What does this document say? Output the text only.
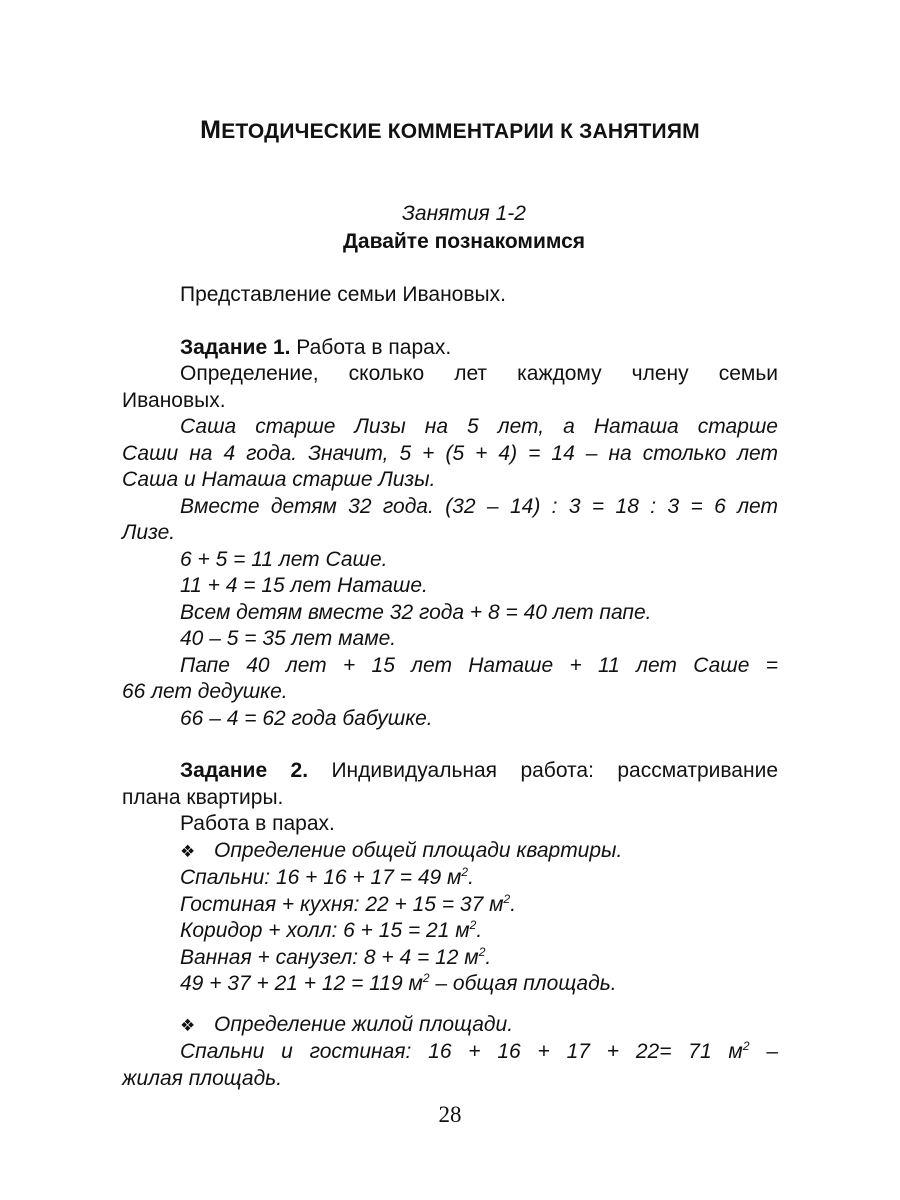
МЕТОДИЧЕСКИЕ КОММЕНТАРИИ К ЗАНЯТИЯМ
Занятия 1-2
Давайте познакомимся

Представление семьи Ивановых.

Задание 1. Работа в парах.

Определение, сколько лет каждому члену семьи

Ивановых.

Саша старше Лизы на 5 лет, а Наташа старше

Саши на 4 года. Значит, 5 + (5 + 4) = 14 – на столько лет

Саша и Наташа старше Лизы.

Вместе детям 32 года. (32 – 14) : 3 = 18 : 3 = 6 лет

Лизе.

6 + 5 = 11 лет Саше.

11 + 4 = 15 лет Наташе.

Всем детям вместе 32 года + 8 = 40 лет папе.

40 – 5 = 35 лет маме.

Папе 40 лет + 15 лет Наташе + 11 лет Саше =

66 лет дедушке.

66 – 4 = 62 года бабушке.

Задание 2. Индивидуальная работа: рассматривание

плана квартиры.

Работа в парах.

❖ Определение общей площади квартиры.

Спальни: 16 + 16 + 17 = 49 $м^2$.

Гостиная + кухня: 22 + 15 = 37 $м^2$.

Коридор + холл: 6 + 15 = 21 $м^2$.

Ванная + санузел: 8 + 4 = 12 $м^2$.

49 + 37 + 21 + 12 = 119 $м^2$ – общая площадь.

❖ Определение жилой площади.

Спальни и гостиная: 16 + 16 + 17 + 22= 71 $м^2$ –

жилая площадь.

28
